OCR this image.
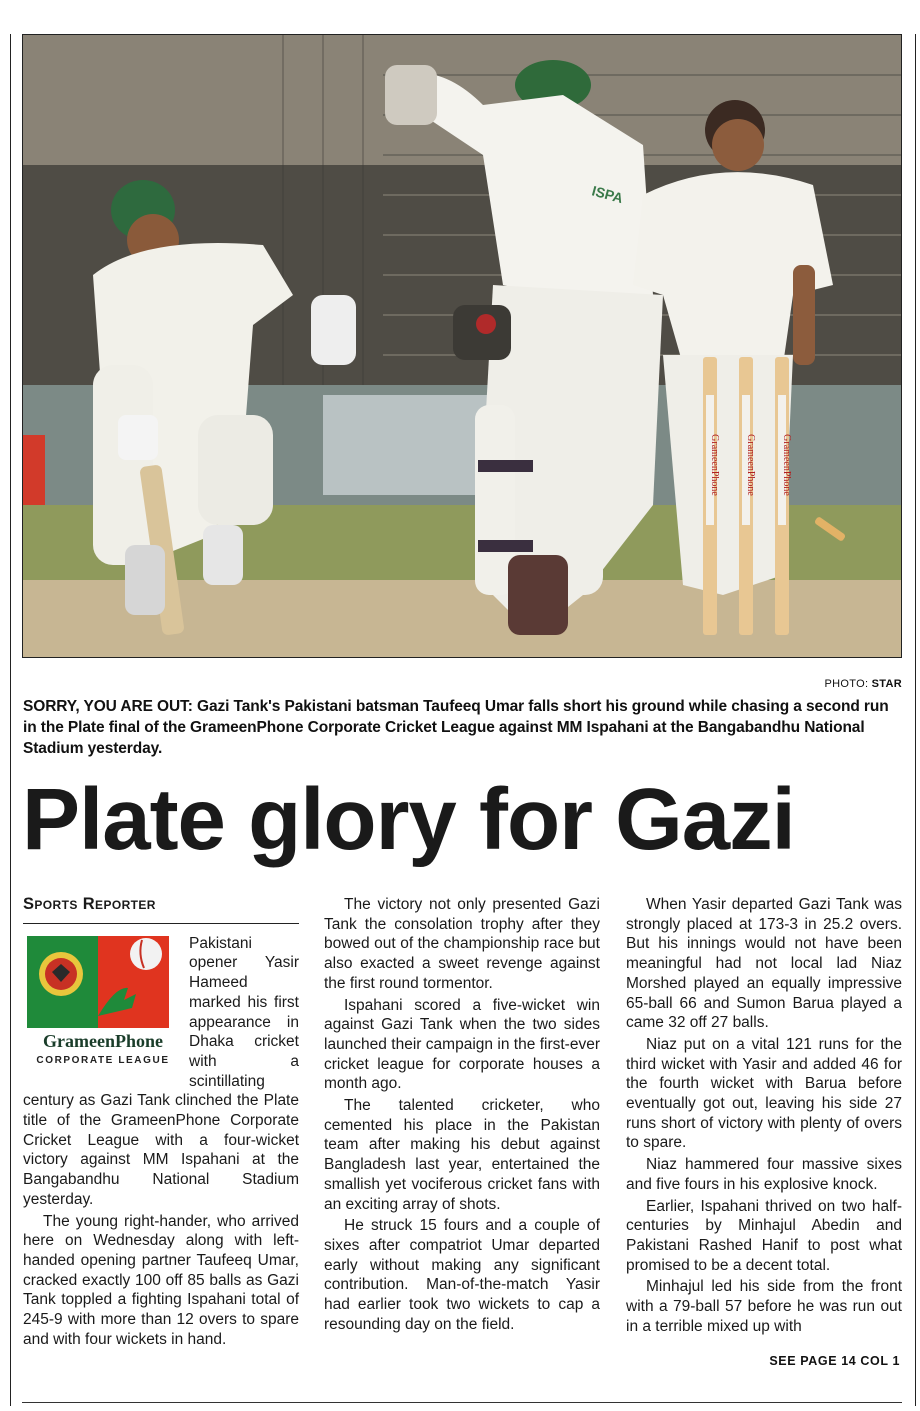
GrameenPhone	GrameenPhone	GrameenPhone
ISPA
PHOTO: STAR
SORRY, YOU ARE OUT: Gazi Tank's Pakistani batsman Taufeeq Umar falls short his ground while chasing a second run in the Plate final of the GrameenPhone Corporate Cricket League against MM Ispahani at the Bangabandhu National Stadium yesterday.
Plate glory for Gazi
Sports Reporter
GrameenPhone
CORPORATE LEAGUE

Pakistani opener Yasir Hameed marked his first appearance in Dhaka cricket with a scintillating century as Gazi Tank clinched the Plate title of the GrameenPhone Corporate Cricket League with a four-wicket victory against MM Ispahani at the Bangabandhu National Stadium yesterday.

The young right-hander, who arrived here on Wednesday along with left-handed opening partner Taufeeq Umar, cracked exactly 100 off 85 balls as Gazi Tank toppled a fighting Ispahani total of 245-9 with more than 12 overs to spare and with four wickets in hand.

The victory not only presented Gazi Tank the consolation trophy after they bowed out of the championship race but also exacted a sweet revenge against the first round tormentor.

Ispahani scored a five-wicket win against Gazi Tank when the two sides launched their campaign in the first-ever cricket league for corporate houses a month ago.

The talented cricketer, who cemented his place in the Pakistan team after making his debut against Bangladesh last year, entertained the smallish yet vociferous cricket fans with an exciting array of shots.

He struck 15 fours and a couple of sixes after compatriot Umar departed early without making any significant contribution. Man-of-the-match Yasir had earlier took two wickets to cap a resounding day on the field.

When Yasir departed Gazi Tank was strongly placed at 173-3 in 25.2 overs. But his innings would not have been meaningful had not local lad Niaz Morshed played an equally impressive 65-ball 66 and Sumon Barua played a came 32 off 27 balls.

Niaz put on a vital 121 runs for the third wicket with Yasir and added 46 for the fourth wicket with Barua before eventually got out, leaving his side 27 runs short of victory with plenty of overs to spare.

Niaz hammered four massive sixes and five fours in his explosive knock.

Earlier, Ispahani thrived on two half-centuries by Minhajul Abedin and Pakistani Rashed Hanif to post what promised to be a decent total.

Minhajul led his side from the front with a 79-ball 57 before he was run out in a terrible mixed up with

SEE PAGE 14 COL 1
